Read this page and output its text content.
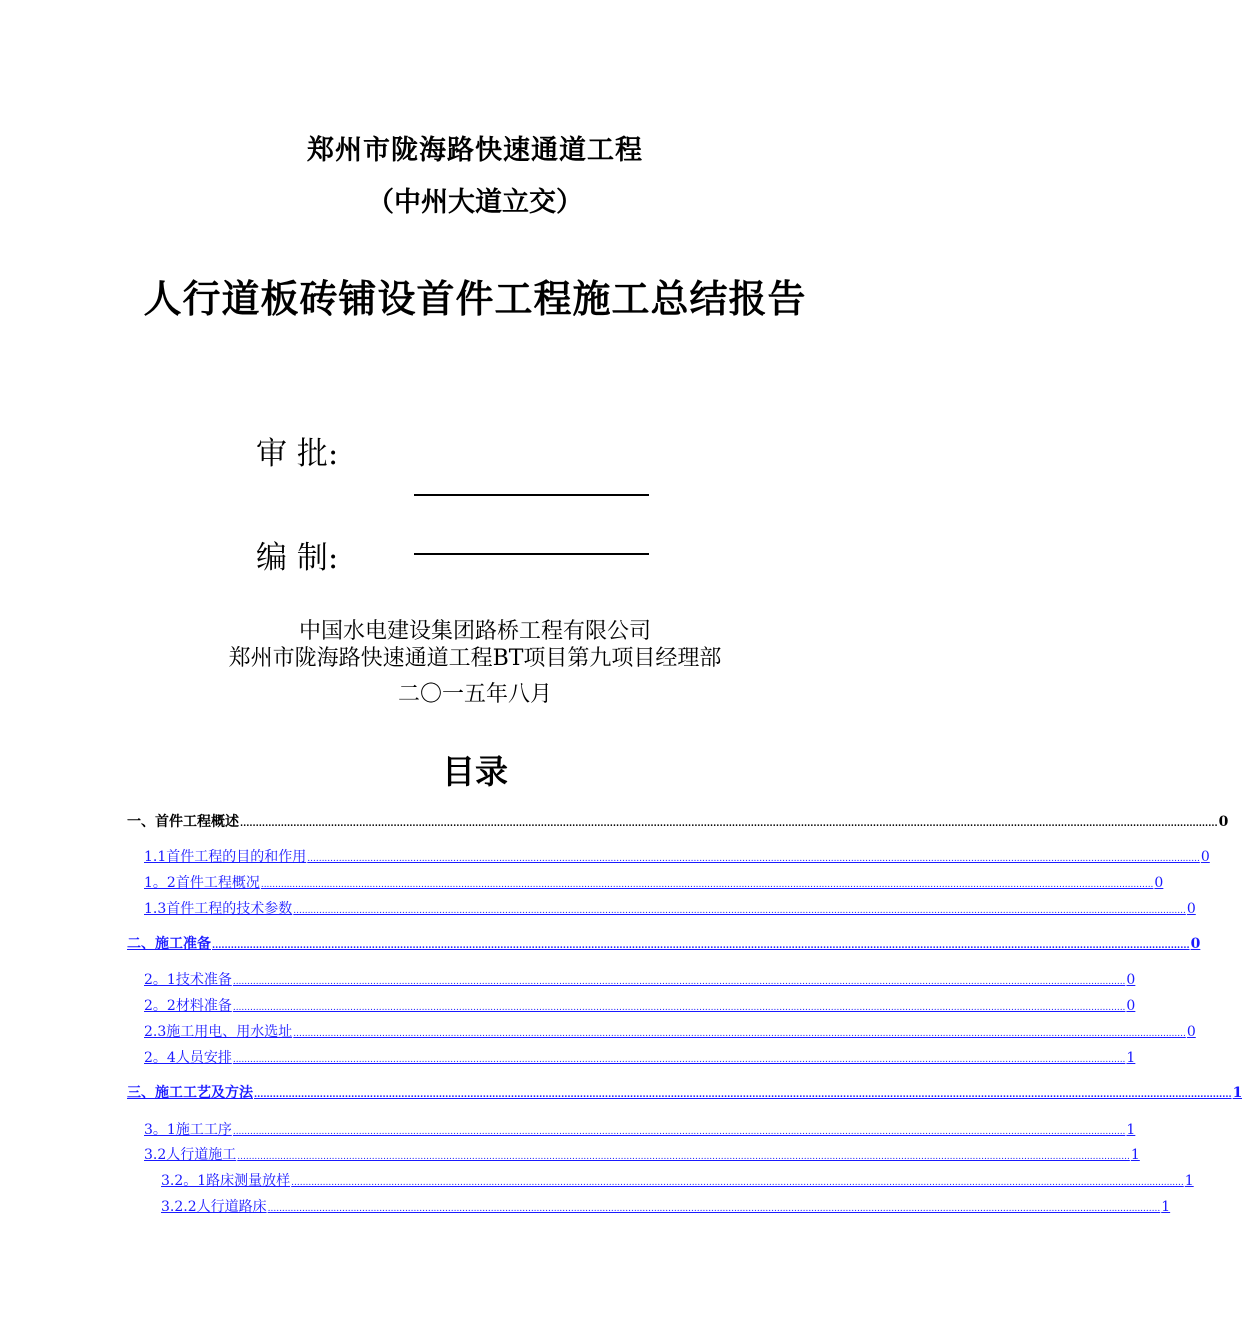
郑州市陇海路快速通道工程
（中州大道立交）
人行道板砖铺设首件工程施工总结报告
审 批:
编 制:
中国水电建设集团路桥工程有限公司
郑州市陇海路快速通道工程BT项目第九项目经理部
二〇一五年八月
目录
一、首件工程概述 ........................................................................................................................................................................................................................................................................................................................ 0
1.1首件工程的目的和作用 ........................................................................................................................................................................................................................................................................................................................ 0
1。2首件工程概况 ........................................................................................................................................................................................................................................................................................................................ 0
1.3首件工程的技术参数 ........................................................................................................................................................................................................................................................................................................................ 0
二、施工准备 ........................................................................................................................................................................................................................................................................................................................ 0
2。1技术准备 ........................................................................................................................................................................................................................................................................................................................ 0
2。2材料准备 ........................................................................................................................................................................................................................................................................................................................ 0
2.3施工用电、用水选址 ........................................................................................................................................................................................................................................................................................................................ 0
2。4人员安排 ........................................................................................................................................................................................................................................................................................................................ 1
三、施工工艺及方法 ........................................................................................................................................................................................................................................................................................................................ 1
3。1施工工序 ........................................................................................................................................................................................................................................................................................................................ 1
3.2人行道施工 ........................................................................................................................................................................................................................................................................................................................ 1
3.2。1路床测量放样 ........................................................................................................................................................................................................................................................................................................................ 1
3.2.2人行道路床 ........................................................................................................................................................................................................................................................................................................................ 1
